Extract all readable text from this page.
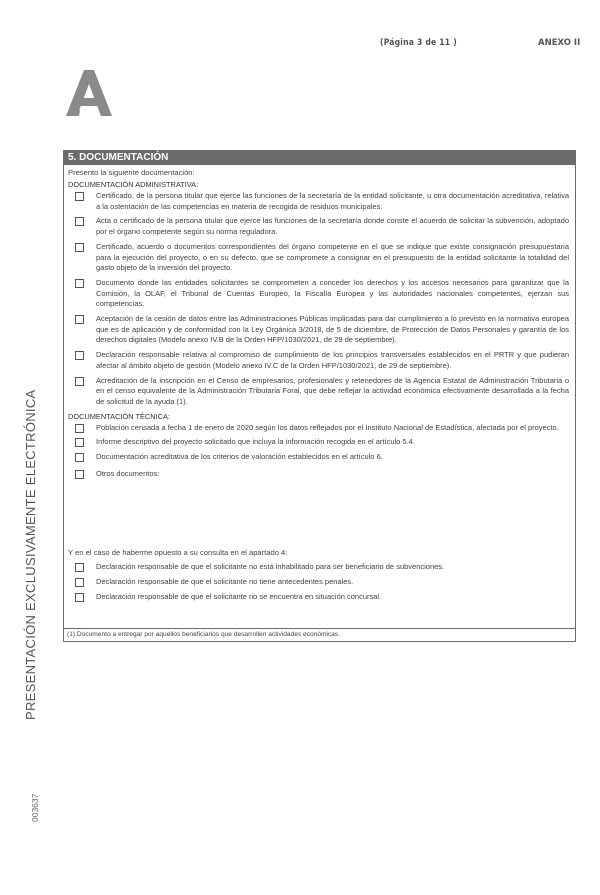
(Página 3 de 11 )	ANEXO II
5. DOCUMENTACIÓN
Presento la siguiente documentación:
DOCUMENTACIÓN ADMINISTRATIVA:
Certificado, de la persona titular que ejerce las funciones de la secretaría de la entidad solicitante, u otra documentación acreditativa, relativa a la ostentación de las competencias en materia de recogida de residuos municipales.
Acta o certificado de la persona titular que ejerce las funciones de la secretaría donde conste el acuerdo de solicitar la subvención, adoptado por el órgano competente según su norma reguladora.
Certificado, acuerdo o documentos correspondientes del órgano competente en el que se indique que existe consignación presupuestaria para la ejecución del proyecto, o en su defecto, que se compromete a consignar en el presupuesto de la entidad solicitante la totalidad del gasto objeto de la inversión del proyecto.
Documento donde las entidades solicitantes se comprometen a conceder los derechos y los accesos necesarios para garantizar que la Comisión, la OLAF, el Tribunal de Cuentas Europeo, la Fiscalía Europea y las autoridades nacionales competentes, ejerzan sus competencias.
Aceptación de la cesión de datos entre las Administraciones Públicas implicadas para dar cumplimiento a lo previsto en la normativa europea que es de aplicación y de conformidad con la Ley Orgánica 3/2018, de 5 de diciembre, de Protección de Datos Personales y garantía de los derechos digitales (Modelo anexo IV.B de la Orden HFP/1030/2021, de 29 de septiembre).
Declaración responsable relativa al compromiso de cumplimiento de los principios transversales establecidos en el PRTR y que pudieran afectar al ámbito objeto de gestión (Modelo anexo IV.C de la Orden HFP/1030/2021, de 29 de septiembre).
Acreditación de la inscripción en el Censo de empresarios, profesionales y retenedores de la Agencia Estatal de Administración Tributaria o en el censo equivalente de la Administración Tributaria Foral, que debe reflejar la actividad económica efectivamente desarrollada a la fecha de solicitud de la ayuda (1).
DOCUMENTACIÓN TÉCNICA:
Población censada a fecha 1 de enero de 2020 según los datos reflejados por el Instituto Nacional de Estadística, afectada por el proyecto.
Informe descriptivo del proyecto solicitado que incluya la información recogida en el artículo 5.4.
Documentación acreditativa de los criterios de valoración establecidos en el artículo 6.
Otros documentos:
Y en el caso de haberme opuesto a su consulta en el apartado 4:
Declaración responsable de que el solicitante no está inhabilitado para ser beneficiario de subvenciones.
Declaración responsable de que el solicitante no tiene antecedentes penales.
Declaración responsable de que el solicitante no se encuentra en situación concursal.
(1) Documento a entregar por aquellos beneficiarios que desarrollen actividades económicas.
PRESENTACIÓN EXCLUSIVAMENTE ELECTRÓNICA
003637
